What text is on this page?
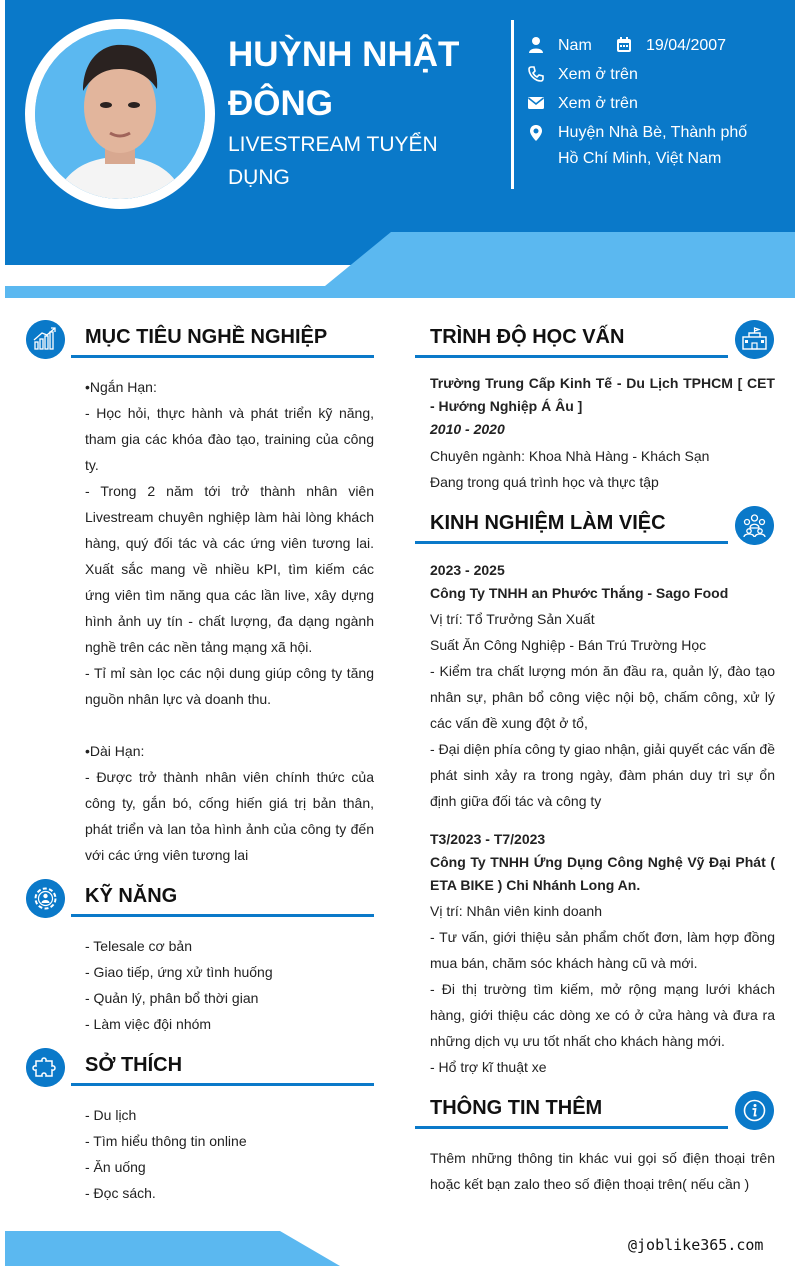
HUỲNH NHẬT ĐÔNG
LIVESTREAM TUYỂN DỤNG
Nam	19/04/2007
Xem ở trên
Xem ở trên
Huyện Nhà Bè, Thành phố Hồ Chí Minh, Việt Nam
MỤC TIÊU NGHỀ NGHIỆP

•Ngắn Hạn:

- Học hỏi, thực hành và phát triển kỹ năng, tham gia các khóa đào tạo, training của công ty.

- Trong 2 năm tới trở thành nhân viên Livestream chuyên nghiệp làm hài lòng khách hàng, quý đối tác và các ứng viên tương lai. Xuất sắc mang về nhiều kPI, tìm kiếm các ứng viên tìm năng qua các lần live, xây dựng hình ảnh uy tín - chất lượng, đa dạng ngành nghề trên các nền tảng mạng xã hội.

- Tỉ mỉ sàn lọc các nội dung giúp công ty tăng nguồn nhân lực và doanh thu.

•Dài Hạn:

- Được trở thành nhân viên chính thức của công ty, gắn bó, cống hiến giá trị bản thân, phát triển và lan tỏa hình ảnh của công ty đến với các ứng viên tương lai

KỸ NĂNG

- Telesale cơ bản

- Giao tiếp, ứng xử tình huống

- Quản lý, phân bổ thời gian

- Làm việc đội nhóm

SỞ THÍCH

- Du lịch

- Tìm hiểu thông tin online

- Ăn uống

- Đọc sách.

TRÌNH ĐỘ HỌC VẤN

Trường Trung Cấp Kinh Tế - Du Lịch TPHCM [ CET - Hướng Nghiệp Á Âu ]

2010 - 2020

Chuyên ngành: Khoa Nhà Hàng - Khách Sạn

Đang trong quá trình học và thực tập

KINH NGHIỆM LÀM VIỆC

2023 - 2025

Công Ty TNHH an Phước Thắng - Sago Food

Vị trí: Tổ Trưởng Sản Xuất

Suất Ăn Công Nghiệp - Bán Trú Trường Học

- Kiểm tra chất lượng món ăn đầu ra, quản lý, đào tạo nhân sự, phân bổ công việc nội bộ, chấm công, xử lý các vấn đề xung đột ở tổ,

- Đại diện phía công ty giao nhận, giải quyết các vấn đề phát sinh xảy ra trong ngày, đàm phán duy trì sự ổn định giữa đối tác và công ty

T3/2023 - T7/2023

Công Ty TNHH Ứng Dụng Công Nghệ Vỹ Đại Phát ( ETA BIKE ) Chi Nhánh Long An.

Vị trí: Nhân viên kinh doanh

- Tư vấn, giới thiệu sản phẩm chốt đơn, làm hợp đồng mua bán, chăm sóc khách hàng cũ và mới.

- Đi thị trường tìm kiếm, mở rộng mạng lưới khách hàng, giới thiệu các dòng xe có ở cửa hàng và đưa ra những dịch vụ ưu tốt nhất cho khách hàng mới.

- Hổ trợ kĩ thuật xe

THÔNG TIN THÊM
Thêm những thông tin khác vui gọi số điện thoại trên hoặc kết bạn zalo theo số điện thoại trên( nếu cần )
@joblike365.com
